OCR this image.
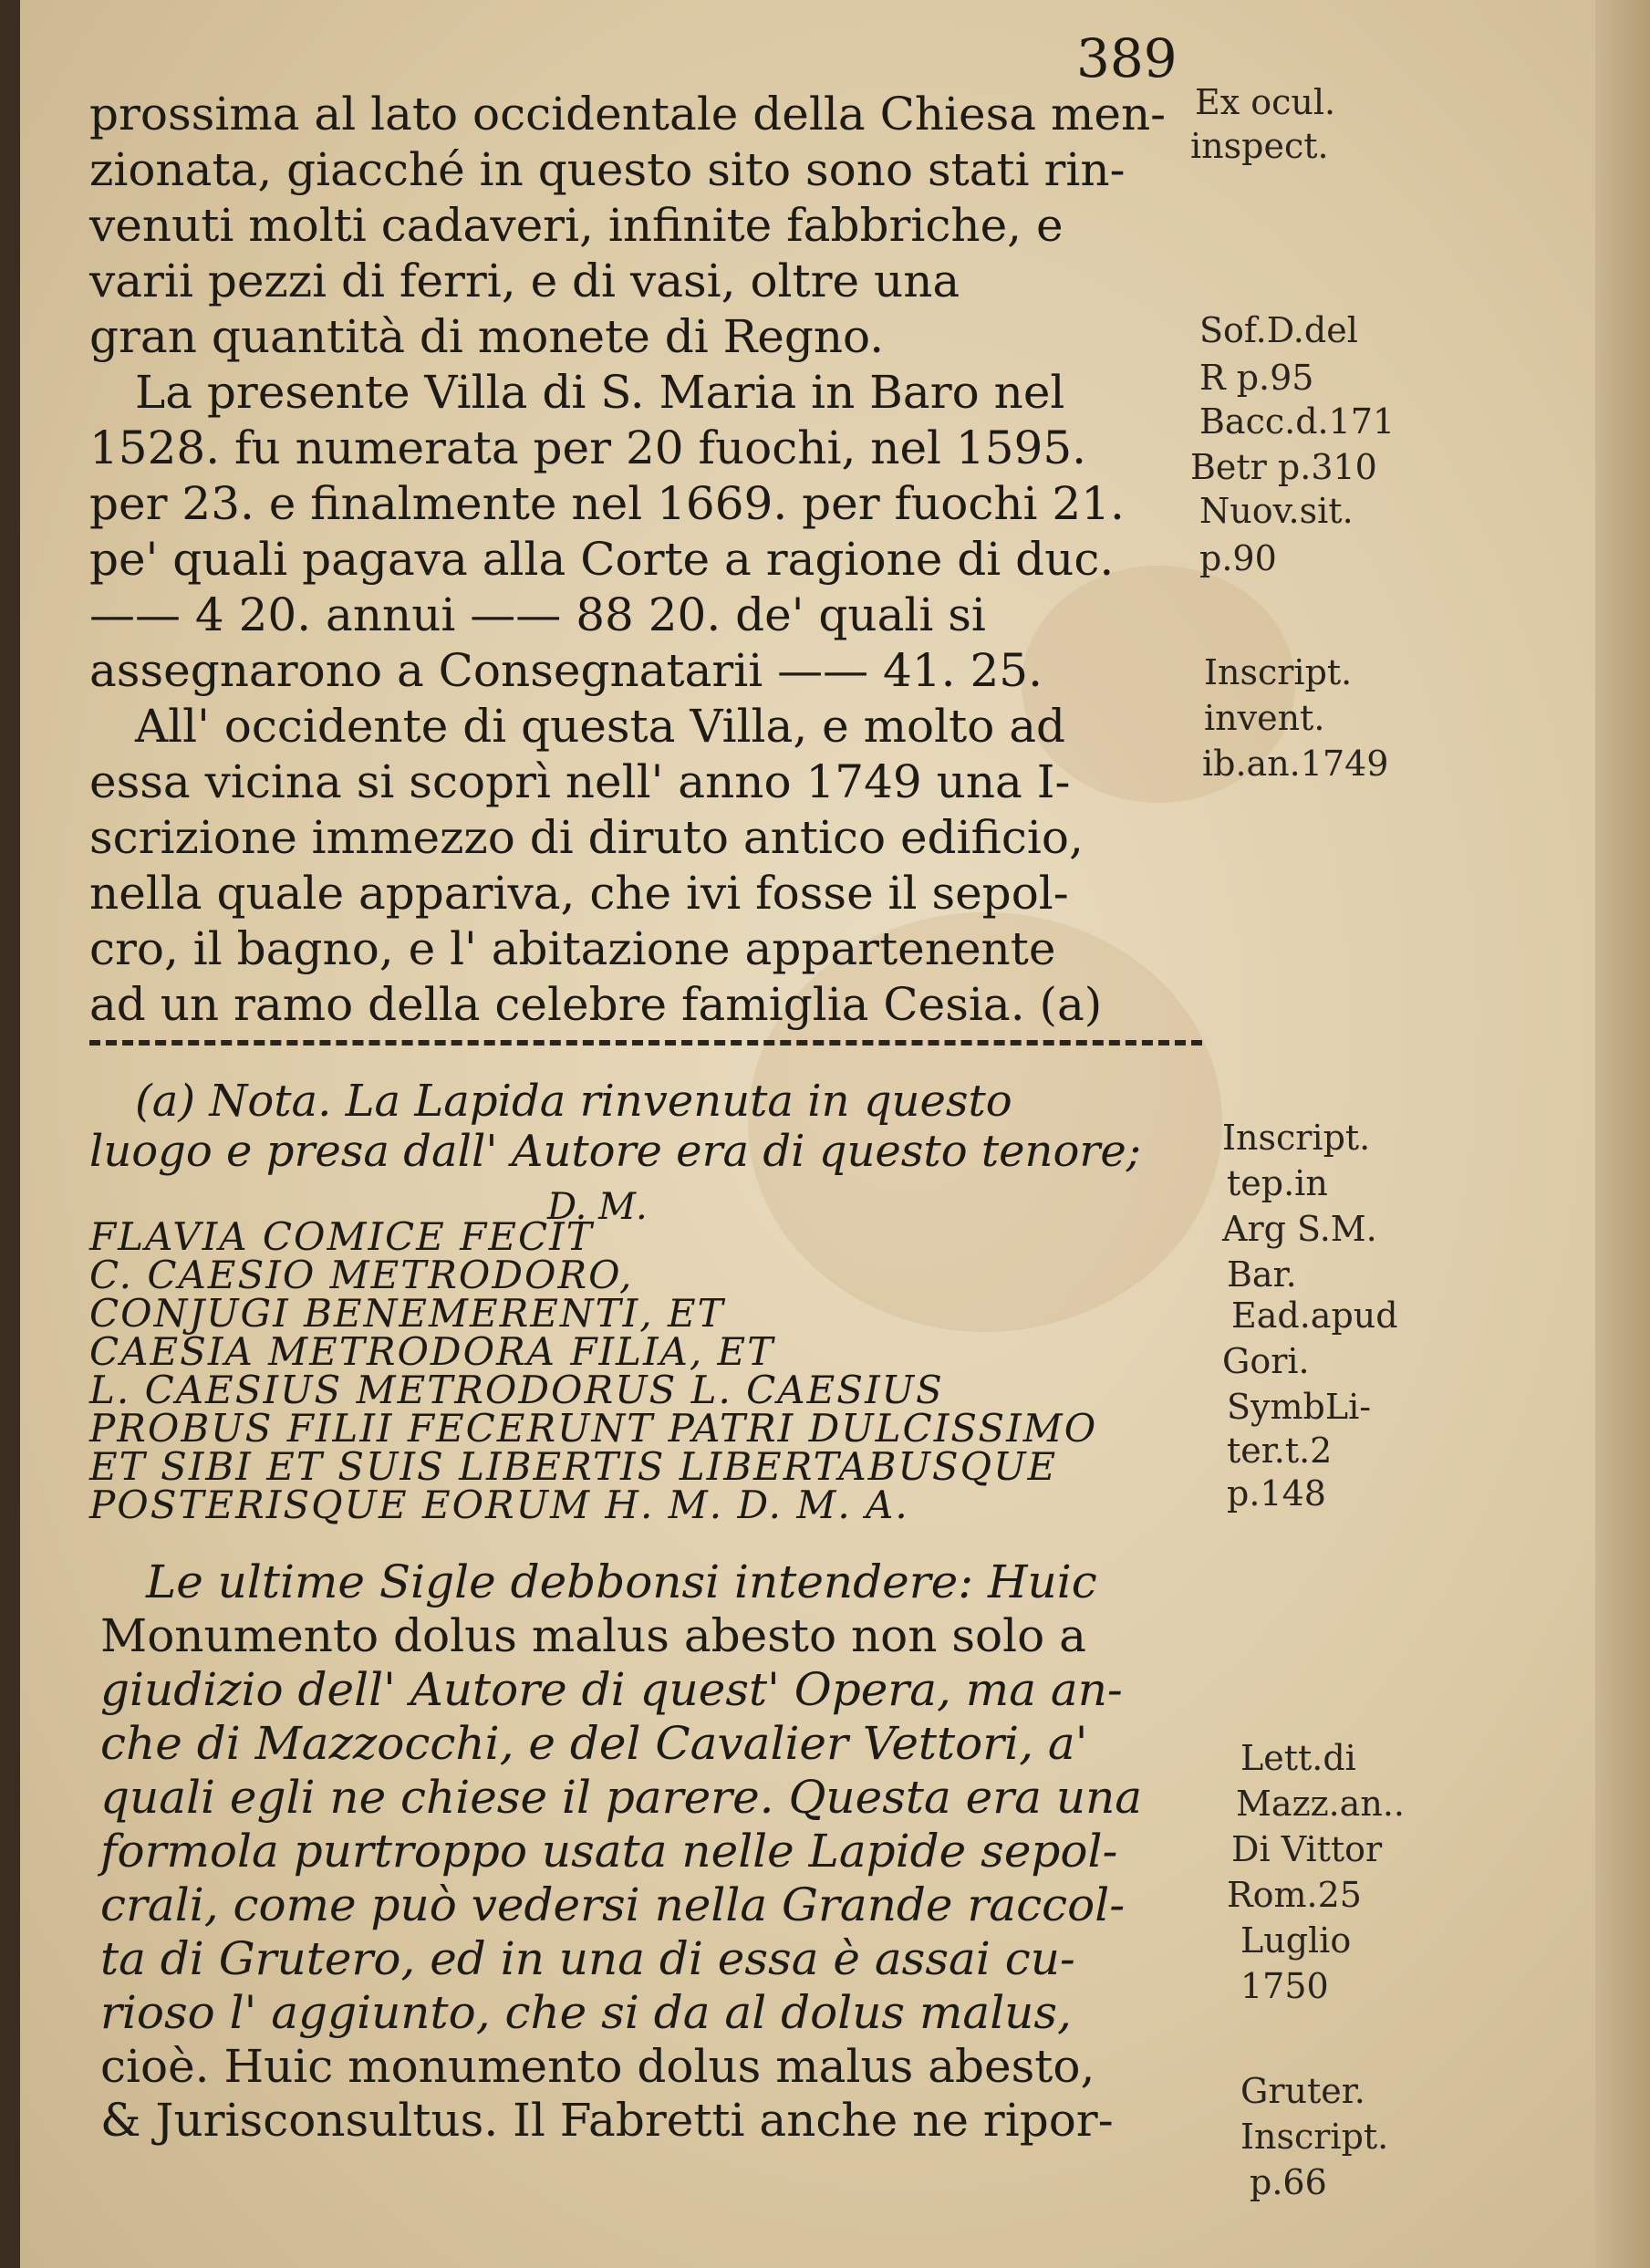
389
prossima al lato occidentale della Chiesa men-
zionata, giacché in questo sito sono stati rin-
venuti molti cadaveri, infinite fabbriche, e
varii pezzi di ferri, e di vasi, oltre una
gran quantità di monete di Regno.
La presente Villa di S. Maria in Baro nel
1528. fu numerata per 20 fuochi, nel 1595.
per 23. e finalmente nel 1669. per fuochi 21.
pe' quali pagava alla Corte a ragione di duc.
—— 4 20. annui —— 88 20. de' quali si
assegnarono a Consegnatarii —— 41. 25.
All' occidente di questa Villa, e molto ad
essa vicina si scoprì nell' anno 1749 una I-
scrizione immezzo di diruto antico edificio,
nella quale appariva, che ivi fosse il sepol-
cro, il bagno, e l' abitazione appartenente
ad un ramo della celebre famiglia Cesia. (a)
Ex ocul.
inspect.
Sof.D.del
R p.95
Bacc.d.171
Betr p.310
Nuov.sit.
p.90
Inscript.
invent.
ib.an.1749
(a) Nota. La Lapida rinvenuta in questo
luogo e presa dall' Autore era di questo tenore;
D. M.
FLAVIA COMICE FECIT
C. CAESIO METRODORO,
CONJUGI BENEMERENTI, ET
CAESIA METRODORA FILIA, ET
L. CAESIUS METRODORUS L. CAESIUS
PROBUS FILII FECERUNT PATRI DULCISSIMO
ET SIBI ET SUIS LIBERTIS LIBERTABUSQUE
POSTERISQUE EORUM H. M. D. M. A.
Inscript.
tep.in
Arg S.M.
Bar.
Ead.apud
Gori.
SymbLi-
ter.t.2
p.148
Le ultime Sigle debbonsi intendere: Huic
Monumento dolus malus abesto non solo a
giudizio dell' Autore di quest' Opera, ma an-
che di Mazzocchi, e del Cavalier Vettori, a'
quali egli ne chiese il parere. Questa era una
formola purtroppo usata nelle Lapide sepol-
crali, come può vedersi nella Grande raccol-
ta di Grutero, ed in una di essa è assai cu-
rioso l' aggiunto, che si da al dolus malus,
cioè. Huic monumento dolus malus abesto,
& Jurisconsultus. Il Fabretti anche ne ripor-
Lett.di
Mazz.an..
Di Vittor
Rom.25
Luglio
1750
Gruter.
Inscript.
p.66
